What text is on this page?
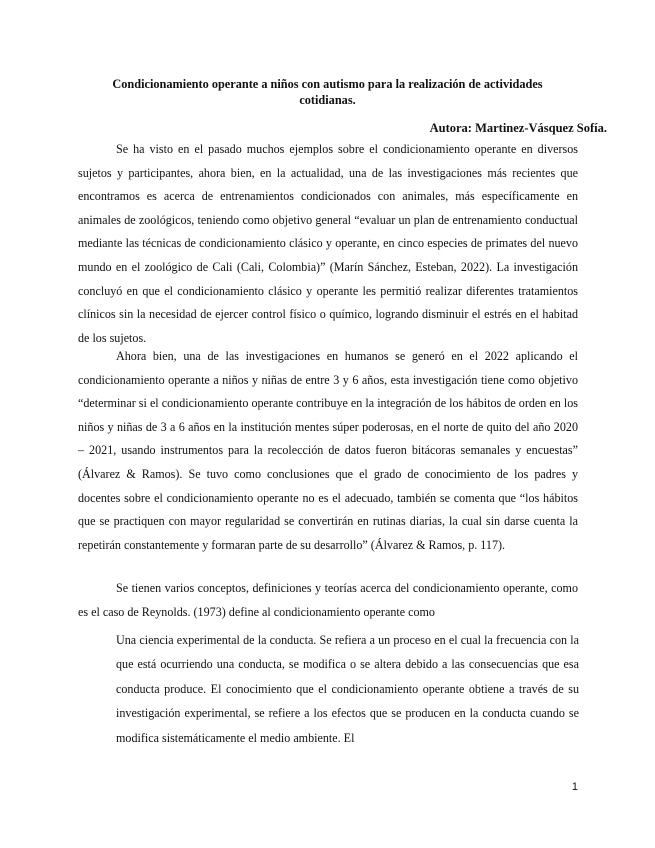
Condicionamiento operante a niños con autismo para la realización de actividades cotidianas.

Autora: Martinez-Vásquez Sofía.

Se ha visto en el pasado muchos ejemplos sobre el condicionamiento operante en diversos sujetos y participantes, ahora bien, en la actualidad, una de las investigaciones más recientes que encontramos es acerca de entrenamientos condicionados con animales, más específicamente en animales de zoológicos, teniendo como objetivo general “evaluar un plan de entrenamiento conductual mediante las técnicas de condicionamiento clásico y operante, en cinco especies de primates del nuevo mundo en el zoológico de Cali (Cali, Colombia)” (Marín Sánchez, Esteban, 2022). La investigación concluyó en que el condicionamiento clásico y operante les permitió realizar diferentes tratamientos clínicos sin la necesidad de ejercer control físico o químico, logrando disminuir el estrés en el habitad de los sujetos.

Ahora bien, una de las investigaciones en humanos se generó en el 2022 aplicando el condicionamiento operante a niños y niñas de entre 3 y 6 años, esta investigación tiene como objetivo “determinar si el condicionamiento operante contribuye en la integración de los hábitos de orden en los niños y niñas de 3 a 6 años en la institución mentes súper poderosas, en el norte de quito del año 2020 – 2021, usando instrumentos para la recolección de datos fueron bitácoras semanales y encuestas” (Álvarez & Ramos). Se tuvo como conclusiones que el grado de conocimiento de los padres y docentes sobre el condicionamiento operante no es el adecuado, también se comenta que “los hábitos que se practiquen con mayor regularidad se convertirán en rutinas diarias, la cual sin darse cuenta la repetirán constantemente y formaran parte de su desarrollo” (Álvarez & Ramos, p. 117).

Se tienen varios conceptos, definiciones y teorías acerca del condicionamiento operante, como es el caso de Reynolds. (1973) define al condicionamiento operante como

Una ciencia experimental de la conducta. Se refiera a un proceso en el cual la frecuencia con la que está ocurriendo una conducta, se modifica o se altera debido a las consecuencias que esa conducta produce. El conocimiento que el condicionamiento operante obtiene a través de su investigación experimental, se refiere a los efectos que se producen en la conducta cuando se modifica sistemáticamente el medio ambiente. El

1
